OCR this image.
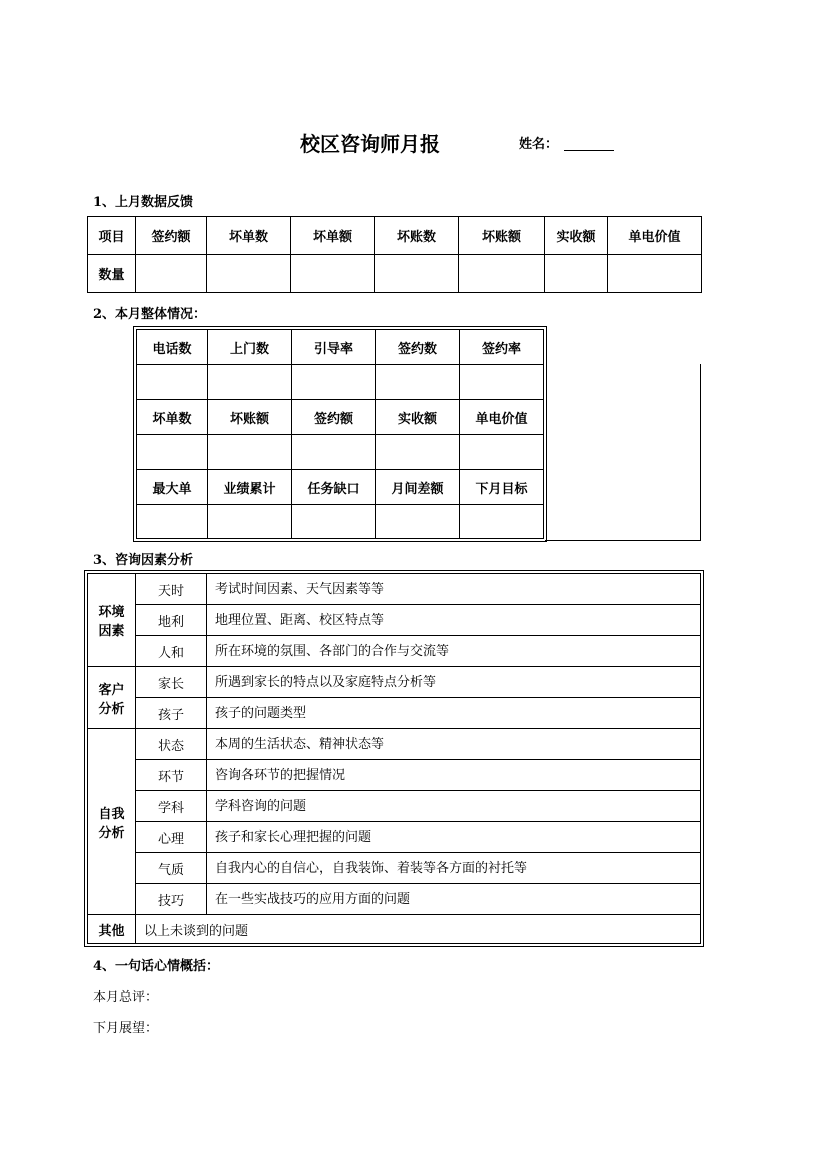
校区咨询师月报	姓名：
1、上月数据反馈
项目	签约额	坏单数	坏单额	坏账数	坏账额	实收额	单电价值
数量							
2、本月整体情况：
电话数	上门数	引导率	签约数	签约率

坏单数	坏账额	签约额	实收额	单电价值

最大单	业绩累计	任务缺口	月间差额	下月目标

3、咨询因素分析
环境
因素	天时	考试时间因素、天气因素等等
	地利	地理位置、距离、校区特点等
	人和	所在环境的氛围、各部门的合作与交流等

客户
分析	家长	所遇到家长的特点以及家庭特点分析等
	孩子	孩子的问题类型

自我
分析	状态	本周的生活状态、精神状态等
	环节	咨询各环节的把握情况
	学科	学科咨询的问题
	心理	孩子和家长心理把握的问题
	气质	自我内心的自信心，自我装饰、着装等各方面的衬托等
	技巧	在一些实战技巧的应用方面的问题
其他	以上未谈到的问题	
4、一句话心情概括：
本月总评：
下月展望：
